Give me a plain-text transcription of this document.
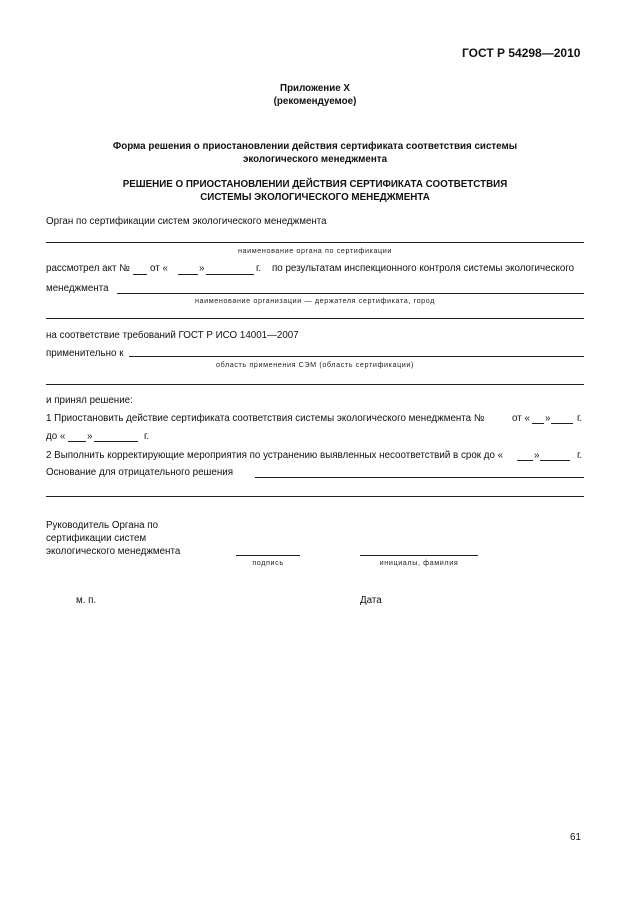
ГОСТ Р 54298—2010
Приложение Х
(рекомендуемое)
Форма решения о приостановлении действия сертификата соответствия системы
экологического менеджмента
РЕШЕНИЕ О ПРИОСТАНОВЛЕНИИ ДЕЙСТВИЯ СЕРТИФИКАТА СООТВЕТСТВИЯ
СИСТЕМЫ ЭКОЛОГИЧЕСКОГО МЕНЕДЖМЕНТА
Орган по сертификации систем экологического менеджмента
наименование органа по сертификации
рассмотрел акт № от «	»	г. по результатам инспекционного контроля системы экологического
менеджмента
наименование организации — держателя сертификата, город
на соответствие требований ГОСТ Р ИСО 14001—2007
применительно к
область применения СЭМ (область сертификации)
и принял решение:
1 Приостановить действие сертификата соответствия системы экологического менеджмента №	от « »	г.
до « »	г.
2 Выполнить корректирующие мероприятия по устранению выявленных несоответствий в срок до «	»	г.
Основание для отрицательного решения
Руководитель Органа по
сертификации систем
экологического менеджмента
подпись	инициалы, фамилия
м. п.	Дата
61
